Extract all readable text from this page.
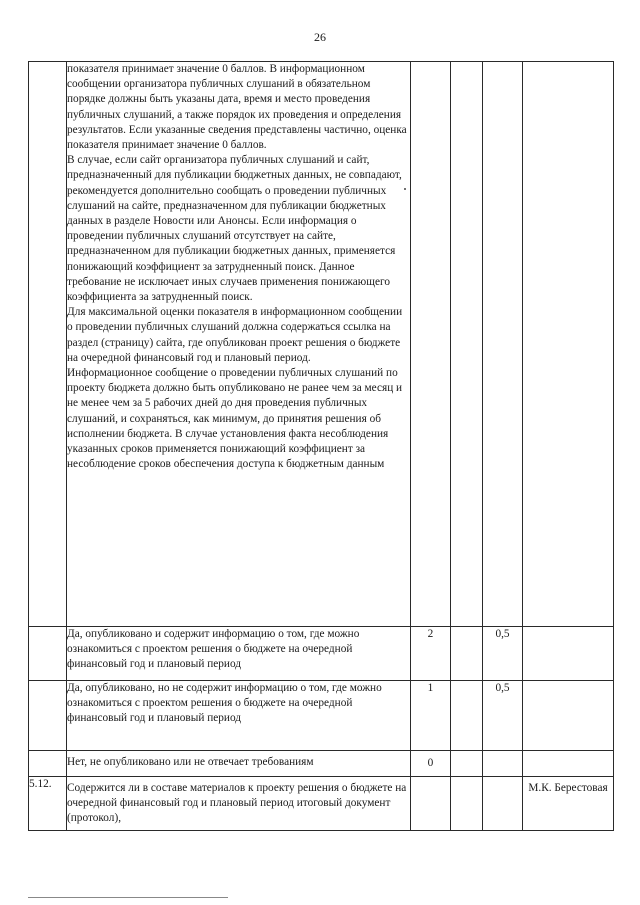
26

	показателя принимает значение 0 баллов. В информационном сообщении организатора публичных слушаний в обязательном порядке должны быть указаны дата, время и место проведения публичных слушаний, а также порядок их проведения и определения результатов. Если указанные сведения представлены частично, оценка показателя принимает значение 0 баллов.
В случае, если сайт организатора публичных слушаний и сайт, предназначенный для публикации бюджетных данных, не совпадают, рекомендуется дополнительно сообщать о проведении публичных слушаний на сайте, предназначенном для публикации бюджетных данных в разделе Новости или Анонсы. Если информация о проведении публичных слушаний отсутствует на сайте, предназначенном для публикации бюджетных данных, применяется понижающий коэффициент за затрудненный поиск. Данное требование не исключает иных случаев применения понижающего коэффициента за затрудненный поиск.
Для максимальной оценки показателя в информационном сообщении о проведении публичных слушаний должна содержаться ссылка на раздел (страницу) сайта, где опубликован проект решения о бюджете на очередной финансовый год и плановый период.
Информационное сообщение о проведении публичных слушаний по проекту бюджета должно быть опубликовано не ранее чем за месяц и не менее чем за 5 рабочих дней до дня проведения публичных слушаний, и сохраняться, как минимум, до принятия решения об исполнении бюджета. В случае установления факта несоблюдения указанных сроков применяется понижающий коэффициент за несоблюдение сроков обеспечения доступа к бюджетным данным				

	Да, опубликовано и содержит информацию о том, где можно ознакомиться с проектом решения о бюджете на очередной финансовый год и плановый период	2		0,5	

	Да, опубликовано, но не содержит информацию о том, где можно ознакомиться с проектом решения о бюджете на очередной финансовый год и плановый период	1		0,5	

	Нет, не опубликовано или не отвечает требованиям	0			
5.12.	Содержится ли в составе материалов к проекту решения о бюджете на очередной финансовый год и плановый период итоговый документ (протокол),				М.К. Берестовая
